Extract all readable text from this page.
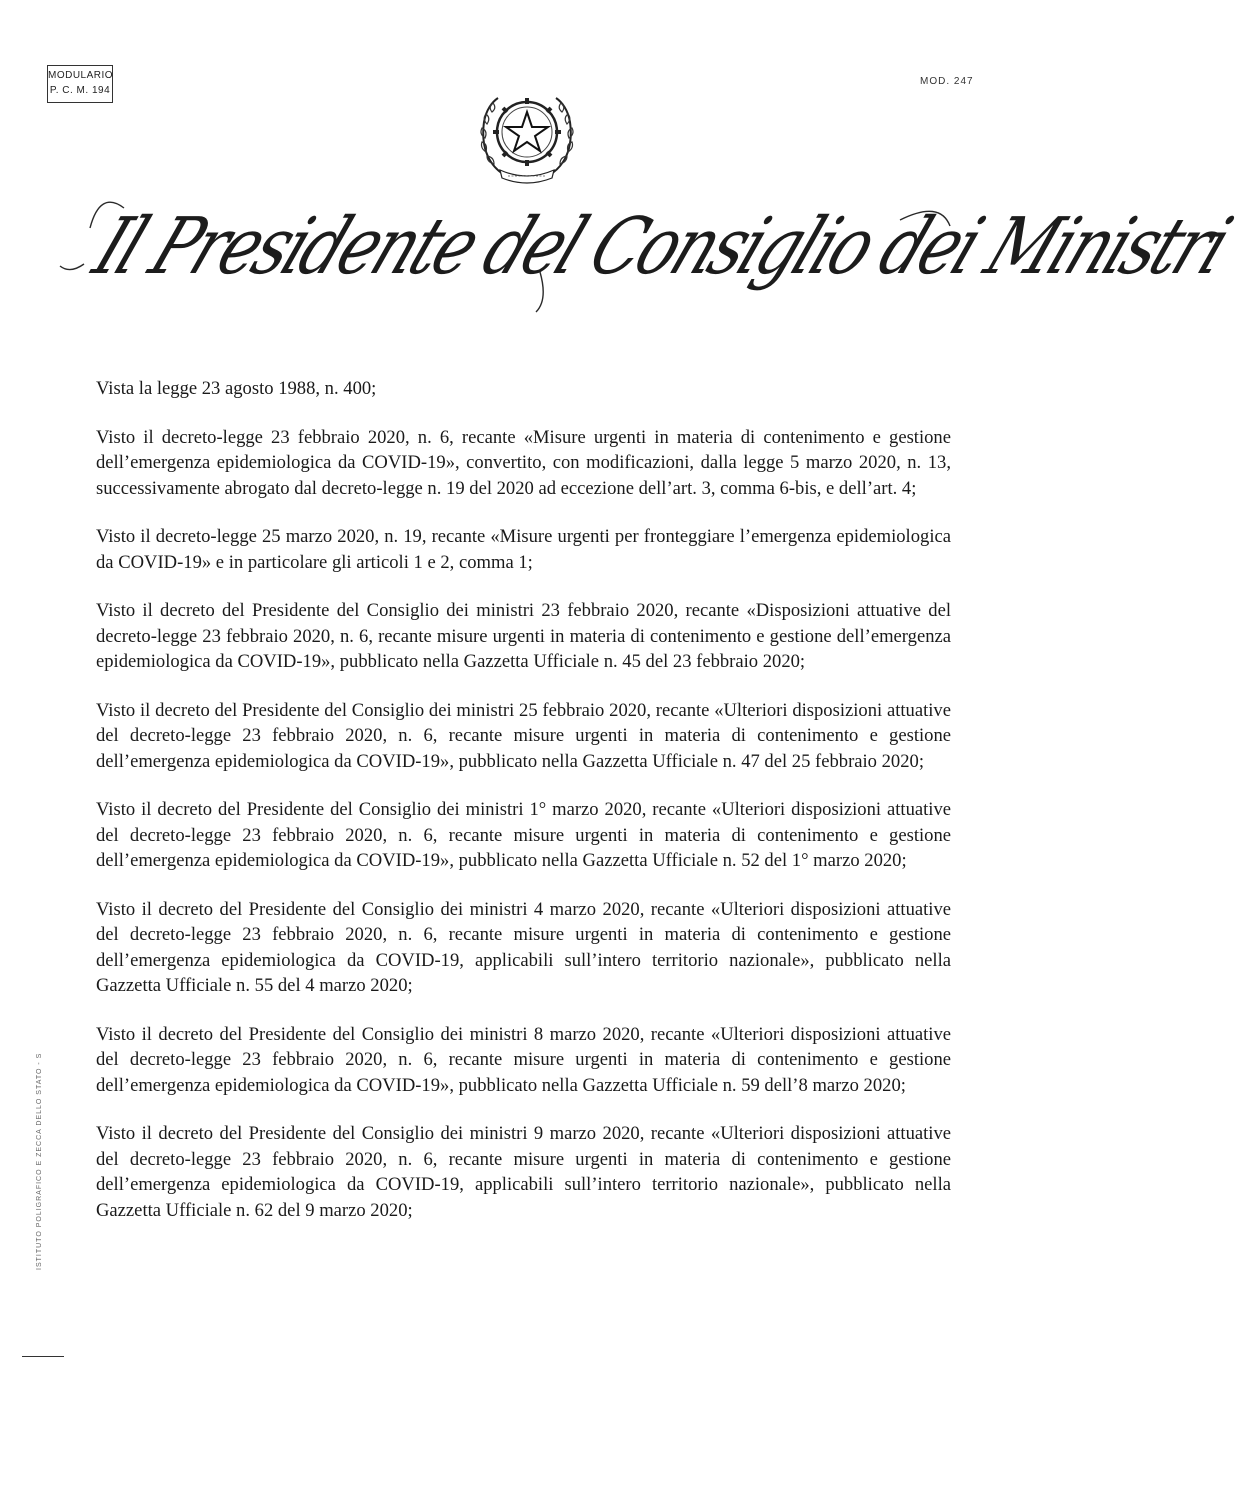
MODULARIO
P. C. M. 194
MOD. 247
Il Presidente del Consiglio dei Ministri

Vista la legge 23 agosto 1988, n. 400;

Visto il decreto-legge 23 febbraio 2020, n. 6, recante «Misure urgenti in materia di contenimento e gestione dell’emergenza epidemiologica da COVID-19», convertito, con modificazioni, dalla legge 5 marzo 2020, n. 13, successivamente abrogato dal decreto-legge n. 19 del 2020 ad eccezione dell’art. 3, comma 6-bis, e dell’art. 4;

Visto il decreto-legge 25 marzo 2020, n. 19, recante «Misure urgenti per fronteggiare l’emergenza epidemiologica da COVID-19» e in particolare gli articoli 1 e 2, comma 1;

Visto il decreto del Presidente del Consiglio dei ministri 23 febbraio 2020, recante «Disposizioni attuative del decreto-legge 23 febbraio 2020, n. 6, recante misure urgenti in materia di contenimento e gestione dell’emergenza epidemiologica da COVID-19», pubblicato nella Gazzetta Ufficiale n. 45 del 23 febbraio 2020;

Visto il decreto del Presidente del Consiglio dei ministri 25 febbraio 2020, recante «Ulteriori disposizioni attuative del decreto-legge 23 febbraio 2020, n. 6, recante misure urgenti in materia di contenimento e gestione dell’emergenza epidemiologica da COVID-19», pubblicato nella Gazzetta Ufficiale n. 47 del 25 febbraio 2020;

Visto il decreto del Presidente del Consiglio dei ministri 1° marzo 2020, recante «Ulteriori disposizioni attuative del decreto-legge 23 febbraio 2020, n. 6, recante misure urgenti in materia di contenimento e gestione dell’emergenza epidemiologica da COVID-19», pubblicato nella Gazzetta Ufficiale n. 52 del 1° marzo 2020;

Visto il decreto del Presidente del Consiglio dei ministri 4 marzo 2020, recante «Ulteriori disposizioni attuative del decreto-legge 23 febbraio 2020, n. 6, recante misure urgenti in materia di contenimento e gestione dell’emergenza epidemiologica da COVID-19, applicabili sull’intero territorio nazionale», pubblicato nella Gazzetta Ufficiale n. 55 del 4 marzo 2020;

Visto il decreto del Presidente del Consiglio dei ministri 8 marzo 2020, recante «Ulteriori disposizioni attuative del decreto-legge 23 febbraio 2020, n. 6, recante misure urgenti in materia di contenimento e gestione dell’emergenza epidemiologica da COVID-19», pubblicato nella Gazzetta Ufficiale n. 59 dell’8 marzo 2020;

Visto il decreto del Presidente del Consiglio dei ministri 9 marzo 2020, recante «Ulteriori disposizioni attuative del decreto-legge 23 febbraio 2020, n. 6, recante misure urgenti in materia di contenimento e gestione dell’emergenza epidemiologica da COVID-19, applicabili sull’intero territorio nazionale», pubblicato nella Gazzetta Ufficiale n. 62 del 9 marzo 2020;

ISTITUTO POLIGRAFICO E ZECCA DELLO STATO - S
